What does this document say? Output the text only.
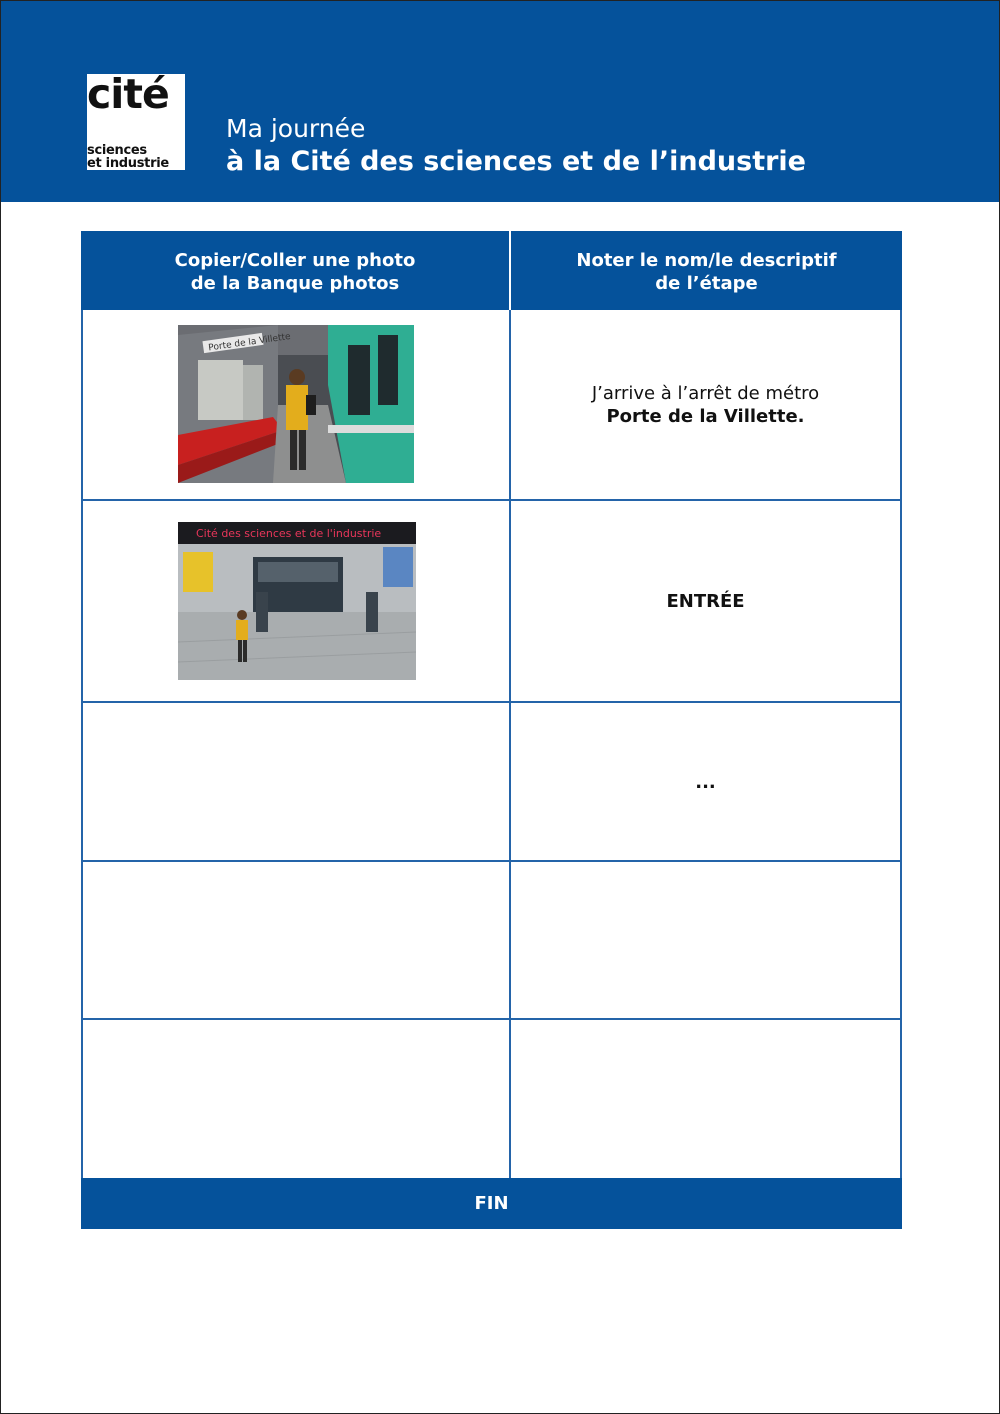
cité
sciences
et industrie
Ma journée
à la Cité des sciences et de l’industrie
Copier/Coller une photo
de la Banque photos
Noter le nom/le descriptif
de l’étape
Porte de la Villette
J’arrive à l’arrêt de métro
Porte de la Villette.
Cité des sciences et de l'industrie
ENTRÉE
...
FIN
